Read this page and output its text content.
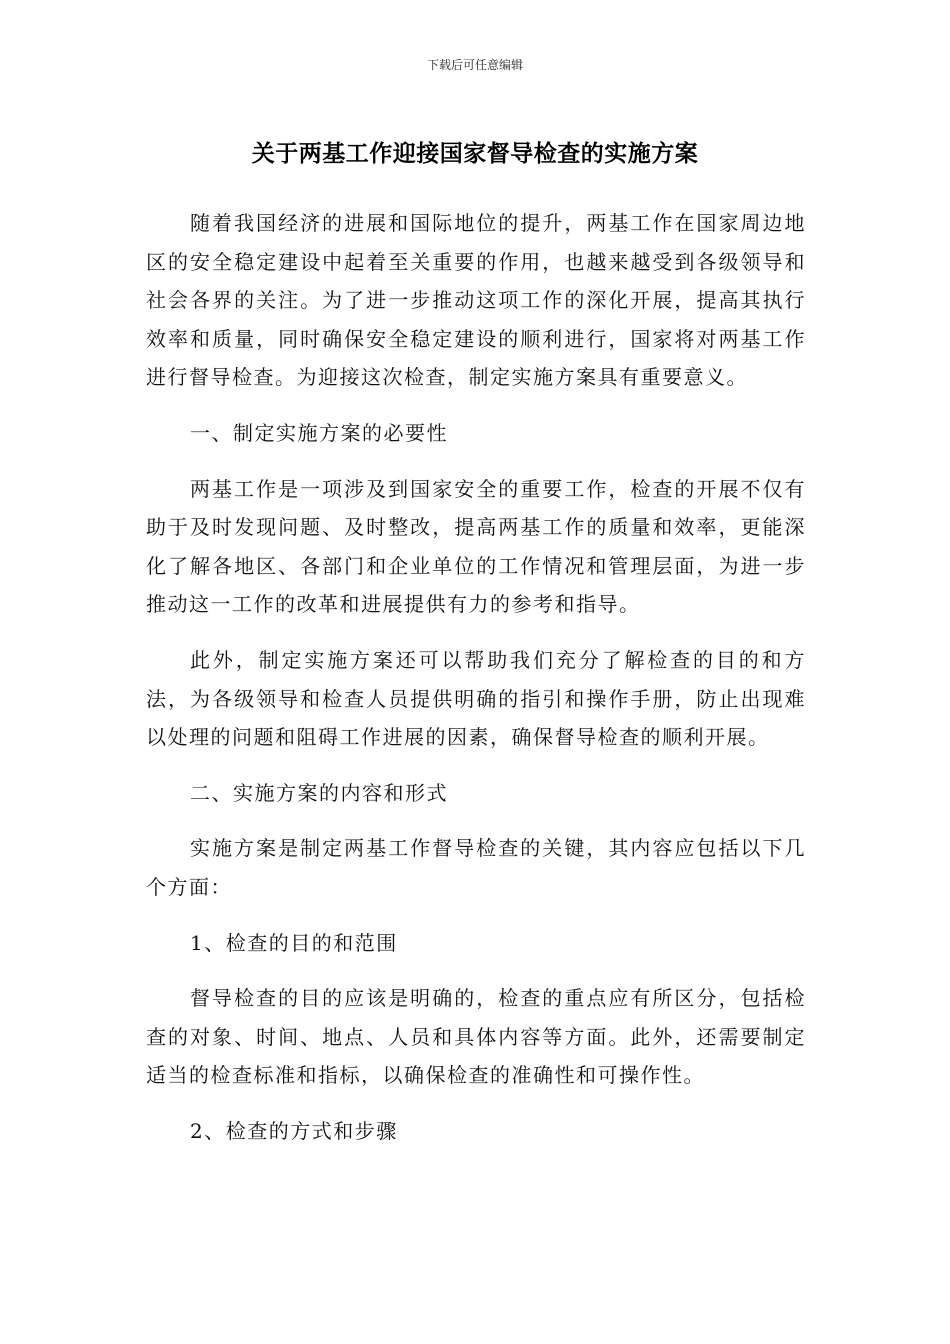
下载后可任意编辑
关于两基工作迎接国家督导检查的实施方案

随着我国经济的进展和国际地位的提升，两基工作在国家周边地区的安全稳定建设中起着至关重要的作用，也越来越受到各级领导和社会各界的关注。为了进一步推动这项工作的深化开展，提高其执行效率和质量，同时确保安全稳定建设的顺利进行，国家将对两基工作进行督导检查。为迎接这次检查，制定实施方案具有重要意义。

一、制定实施方案的必要性

两基工作是一项涉及到国家安全的重要工作，检查的开展不仅有助于及时发现问题、及时整改，提高两基工作的质量和效率，更能深化了解各地区、各部门和企业单位的工作情况和管理层面，为进一步推动这一工作的改革和进展提供有力的参考和指导。

此外，制定实施方案还可以帮助我们充分了解检查的目的和方法，为各级领导和检查人员提供明确的指引和操作手册，防止出现难以处理的问题和阻碍工作进展的因素，确保督导检查的顺利开展。

二、实施方案的内容和形式

实施方案是制定两基工作督导检查的关键，其内容应包括以下几个方面：

1、检查的目的和范围

督导检查的目的应该是明确的，检查的重点应有所区分，包括检查的对象、时间、地点、人员和具体内容等方面。此外，还需要制定适当的检查标准和指标，以确保检查的准确性和可操作性。

2、检查的方式和步骤
